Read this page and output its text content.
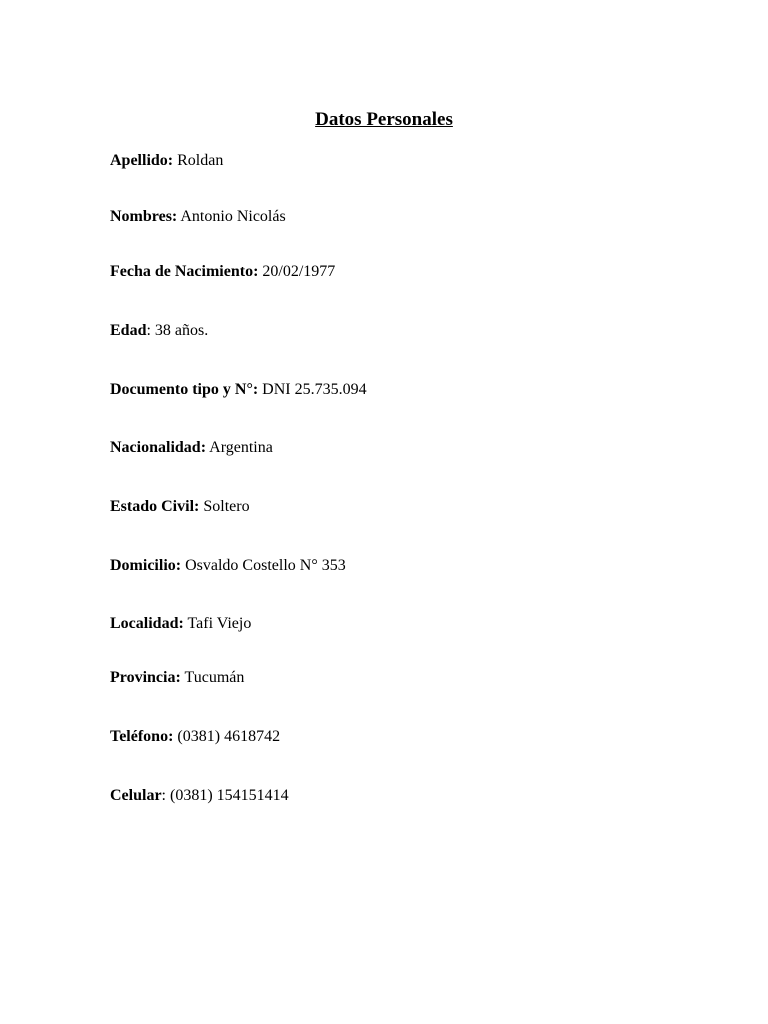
Datos Personales
Apellido: Roldan
Nombres: Antonio Nicolás
Fecha de Nacimiento: 20/02/1977
Edad: 38 años.
Documento tipo y N°: DNI 25.735.094
Nacionalidad: Argentina
Estado Civil: Soltero
Domicilio: Osvaldo Costello N° 353
Localidad: Tafi Viejo
Provincia: Tucumán
Teléfono: (0381) 4618742
Celular: (0381) 154151414
